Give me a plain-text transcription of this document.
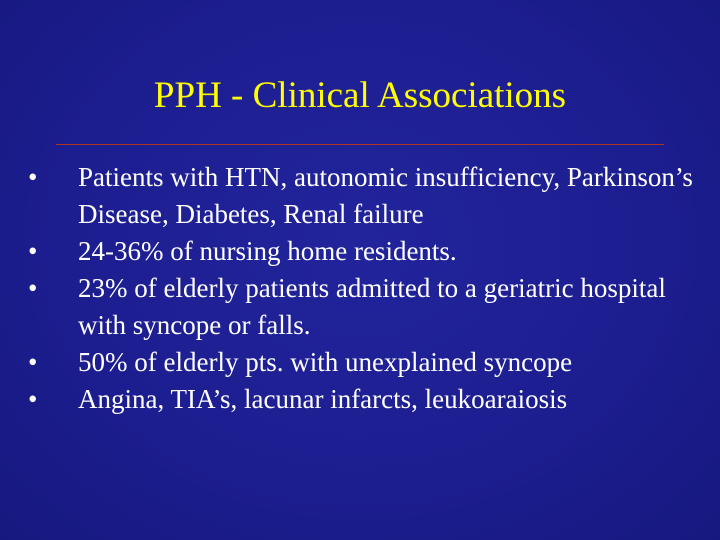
PPH - Clinical Associations
•	Patients with HTN, autonomic insufficiency, Parkinson’s Disease, Diabetes, Renal failure
•	24-36% of nursing home residents.
•	23% of elderly patients admitted to a geriatric hospital with syncope or falls.
•	50% of elderly pts. with unexplained syncope
•	Angina, TIA’s, lacunar infarcts, leukoaraiosis
